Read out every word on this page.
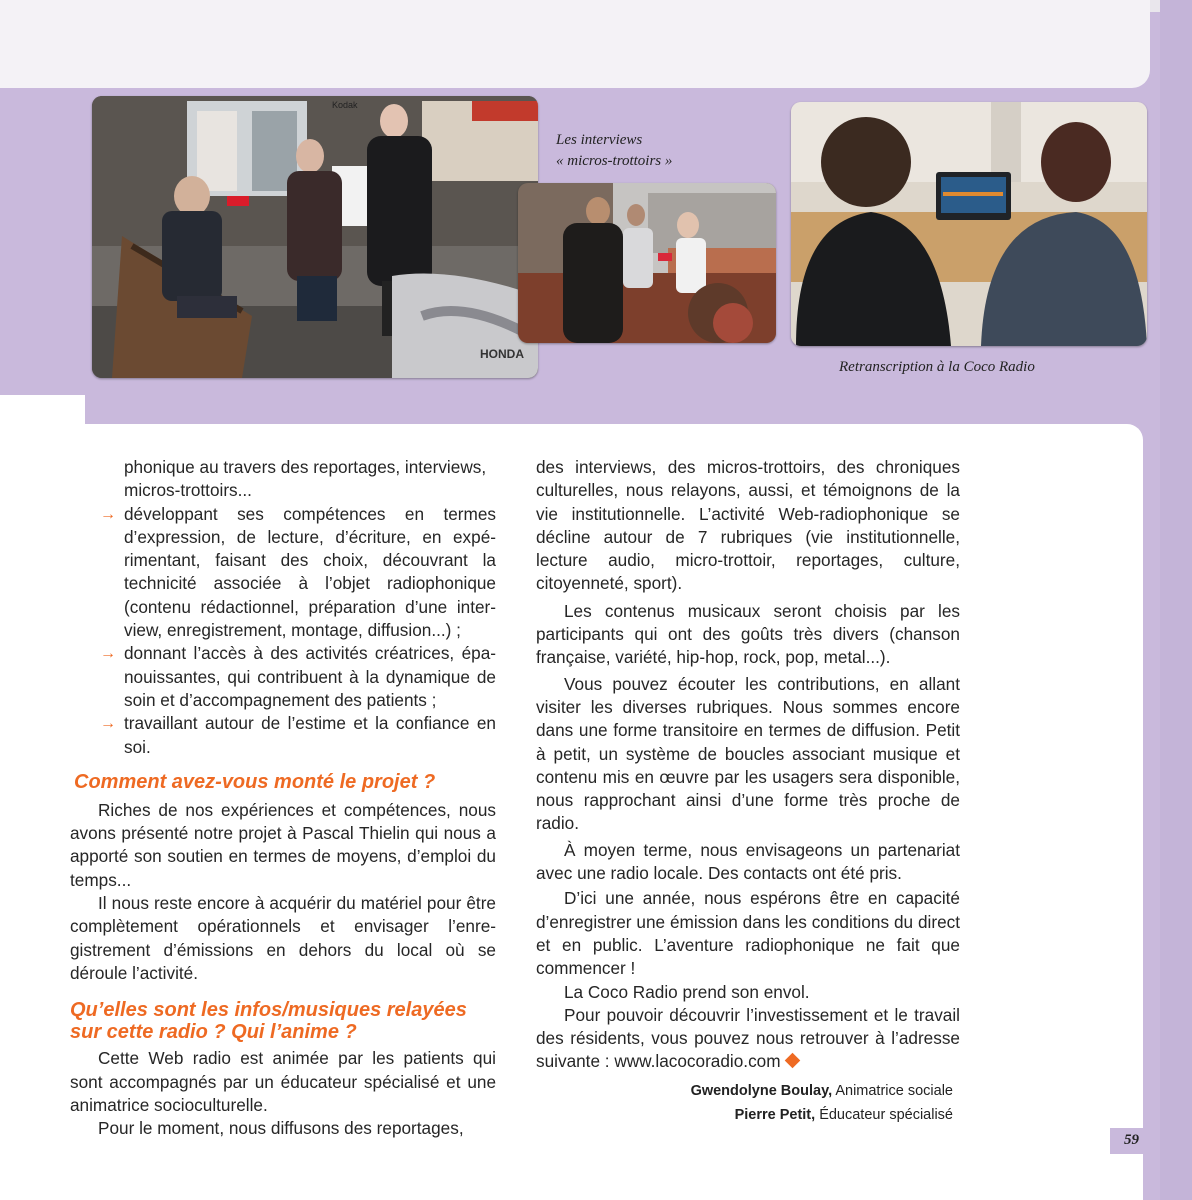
HONDA
Kodak
Les interviews
« micros-trottoirs »
Retranscription à la Coco Radio

phonique au travers des reportages, interviews,

micros-trottoirs...

→ développant ses compétences en termes d’expression, de lecture, d’écriture, en expérimentant, faisant des choix, découvrant la technicité associée à l’objet radiophonique (contenu rédactionnel, préparation d’une interview, enregistrement, montage, diffusion...) ;

→ donnant l’accès à des activités créatrices, épanouissantes, qui contribuent à la dynamique de soin et d’accompagnement des patients ;

→ travaillant autour de l’estime et la confiance en soi.

Comment avez-vous monté le projet ?

Riches de nos expériences et compétences, nous avons présenté notre projet à Pascal Thielin qui nous a apporté son soutien en termes de moyens, d’emploi du temps...

Il nous reste encore à acquérir du matériel pour être complètement opérationnels et envisager l’enregistrement d’émissions en dehors du local où se déroule l’activité.

Qu’elles sont les infos/musiques relayées

sur cette radio ? Qui l’anime ?

Cette Web radio est animée par les patients qui sont accompagnés par un éducateur spécialisé et une animatrice socioculturelle.

Pour le moment, nous diffusons des reportages,

des interviews, des micros-trottoirs, des chroniques culturelles, nous relayons, aussi, et témoignons de la vie institutionnelle. L’activité Web-radiophonique se décline autour de 7 rubriques (vie institutionnelle, lecture audio, micro-trottoir, reportages, culture, citoyenneté, sport).

Les contenus musicaux seront choisis par les participants qui ont des goûts très divers (chanson française, variété, hip-hop, rock, pop, metal...).

Vous pouvez écouter les contributions, en allant visiter les diverses rubriques. Nous sommes encore dans une forme transitoire en termes de diffusion. Petit à petit, un système de boucles associant musique et contenu mis en œuvre par les usagers sera disponible, nous rapprochant ainsi d’une forme très proche de radio.

À moyen terme, nous envisageons un partenariat avec une radio locale. Des contacts ont été pris.

D’ici une année, nous espérons être en capacité d’enregistrer une émission dans les conditions du direct et en public. L’aventure radiophonique ne fait que commencer !

La Coco Radio prend son envol.

Pour pouvoir découvrir l’investissement et le travail des résidents, vous pouvez nous retrouver à l’adresse suivante : www.lacocoradio.com

Gwendolyne Boulay, Animatrice sociale
Pierre Petit, Éducateur spécialisé
59
